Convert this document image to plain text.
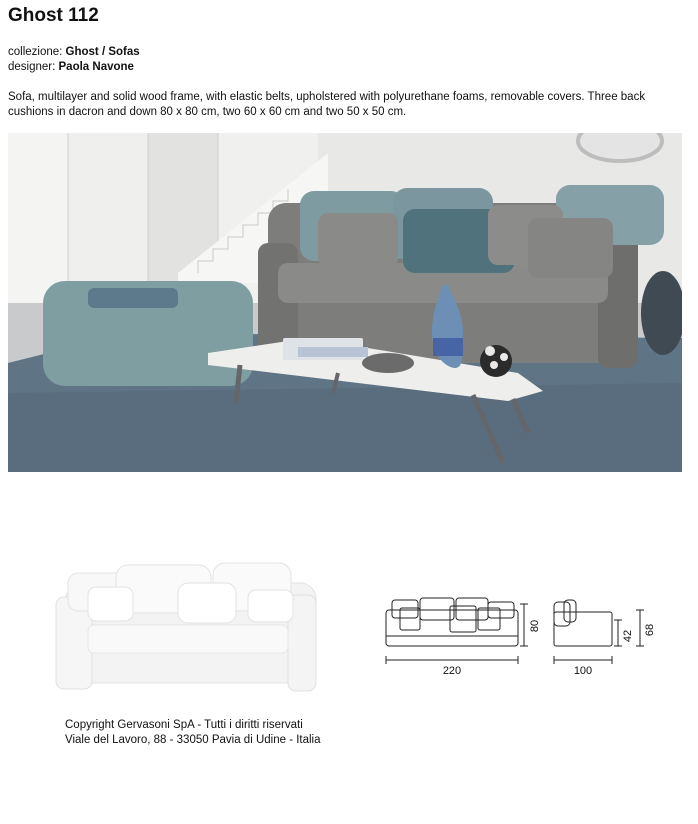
Ghost 112
collezione: Ghost / Sofas
designer: Paola Navone
Sofa, multilayer and solid wood frame, with elastic belts, upholstered with polyurethane foams, removable covers. Three back cushions in dacron and down 80 x 80 cm, two 60 x 60 cm and two 50 x 50 cm.
220
80
100
42 68
Copyright Gervasoni SpA - Tutti i diritti riservati
Viale del Lavoro, 88 - 33050 Pavia di Udine - Italia
